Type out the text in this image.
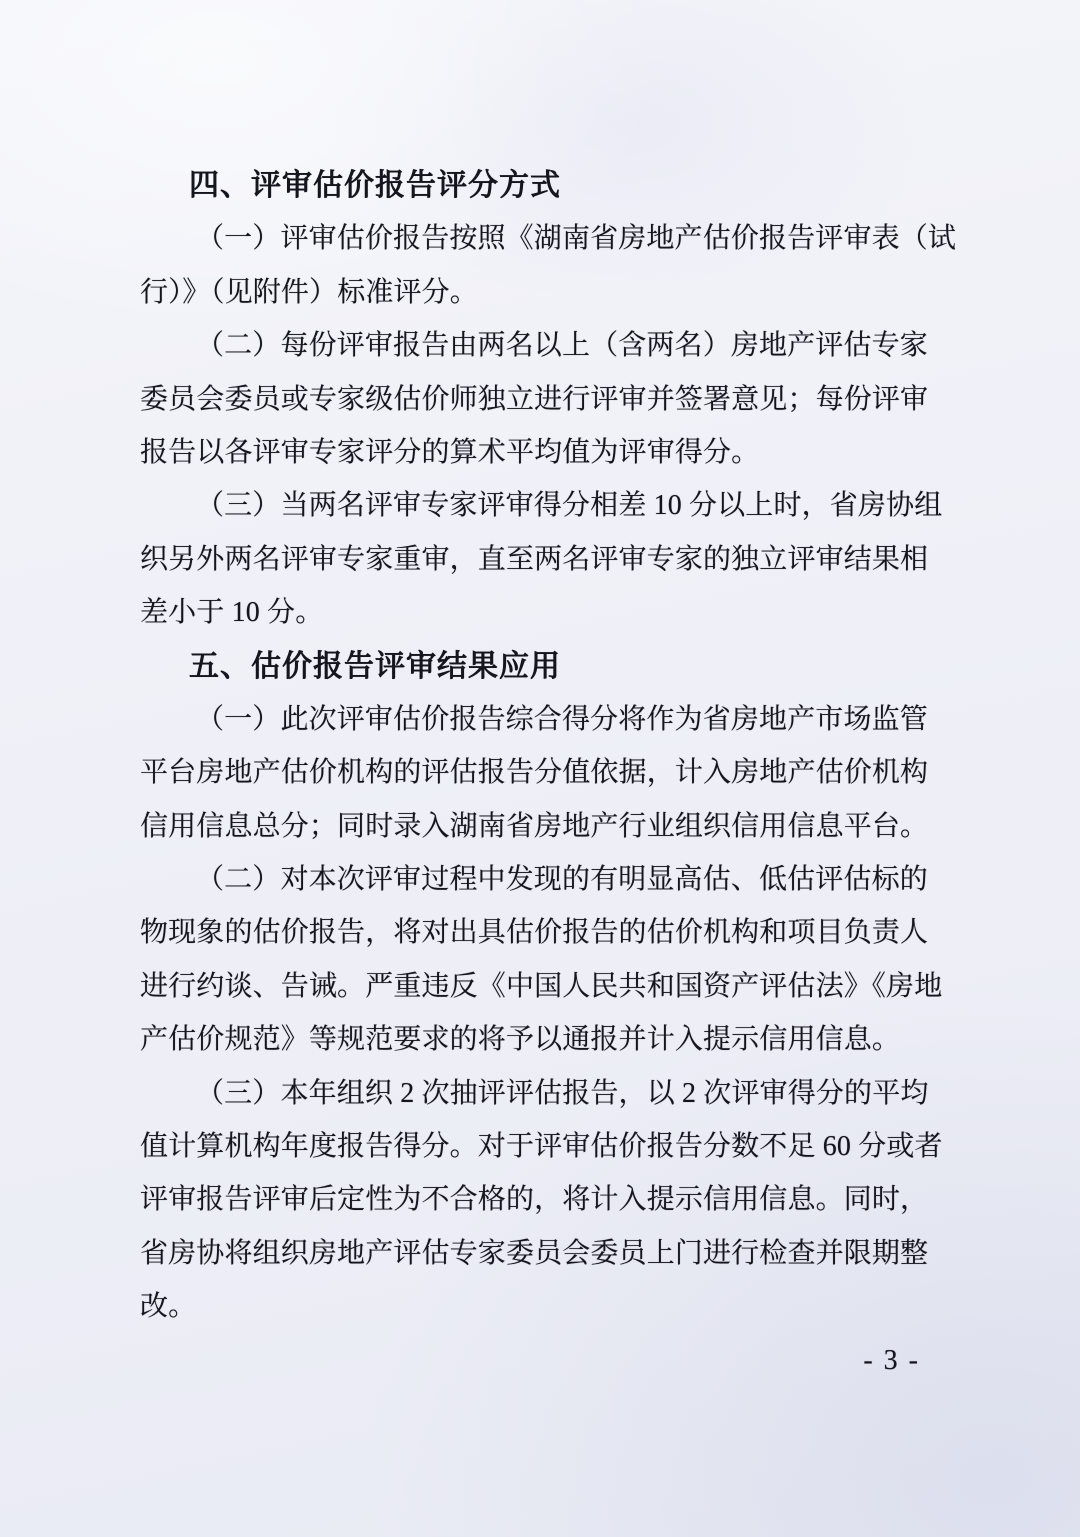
四、评审估价报告评分方式
（一）评审估价报告按照《湖南省房地产估价报告评审表（试
行）》（见附件）标准评分。
（二）每份评审报告由两名以上（含两名）房地产评估专家
委员会委员或专家级估价师独立进行评审并签署意见；每份评审
报告以各评审专家评分的算术平均值为评审得分。
（三）当两名评审专家评审得分相差 10 分以上时，省房协组
织另外两名评审专家重审，直至两名评审专家的独立评审结果相
差小于 10 分。
五、估价报告评审结果应用
（一）此次评审估价报告综合得分将作为省房地产市场监管
平台房地产估价机构的评估报告分值依据，计入房地产估价机构
信用信息总分；同时录入湖南省房地产行业组织信用信息平台。
（二）对本次评审过程中发现的有明显高估、低估评估标的
物现象的估价报告，将对出具估价报告的估价机构和项目负责人
进行约谈、告诫。严重违反《中国人民共和国资产评估法》《房地
产估价规范》等规范要求的将予以通报并计入提示信用信息。
（三）本年组织 2 次抽评评估报告，以 2 次评审得分的平均
值计算机构年度报告得分。对于评审估价报告分数不足 60 分或者
评审报告评审后定性为不合格的，将计入提示信用信息。同时，
省房协将组织房地产评估专家委员会委员上门进行检查并限期整
改。
- 3 -
